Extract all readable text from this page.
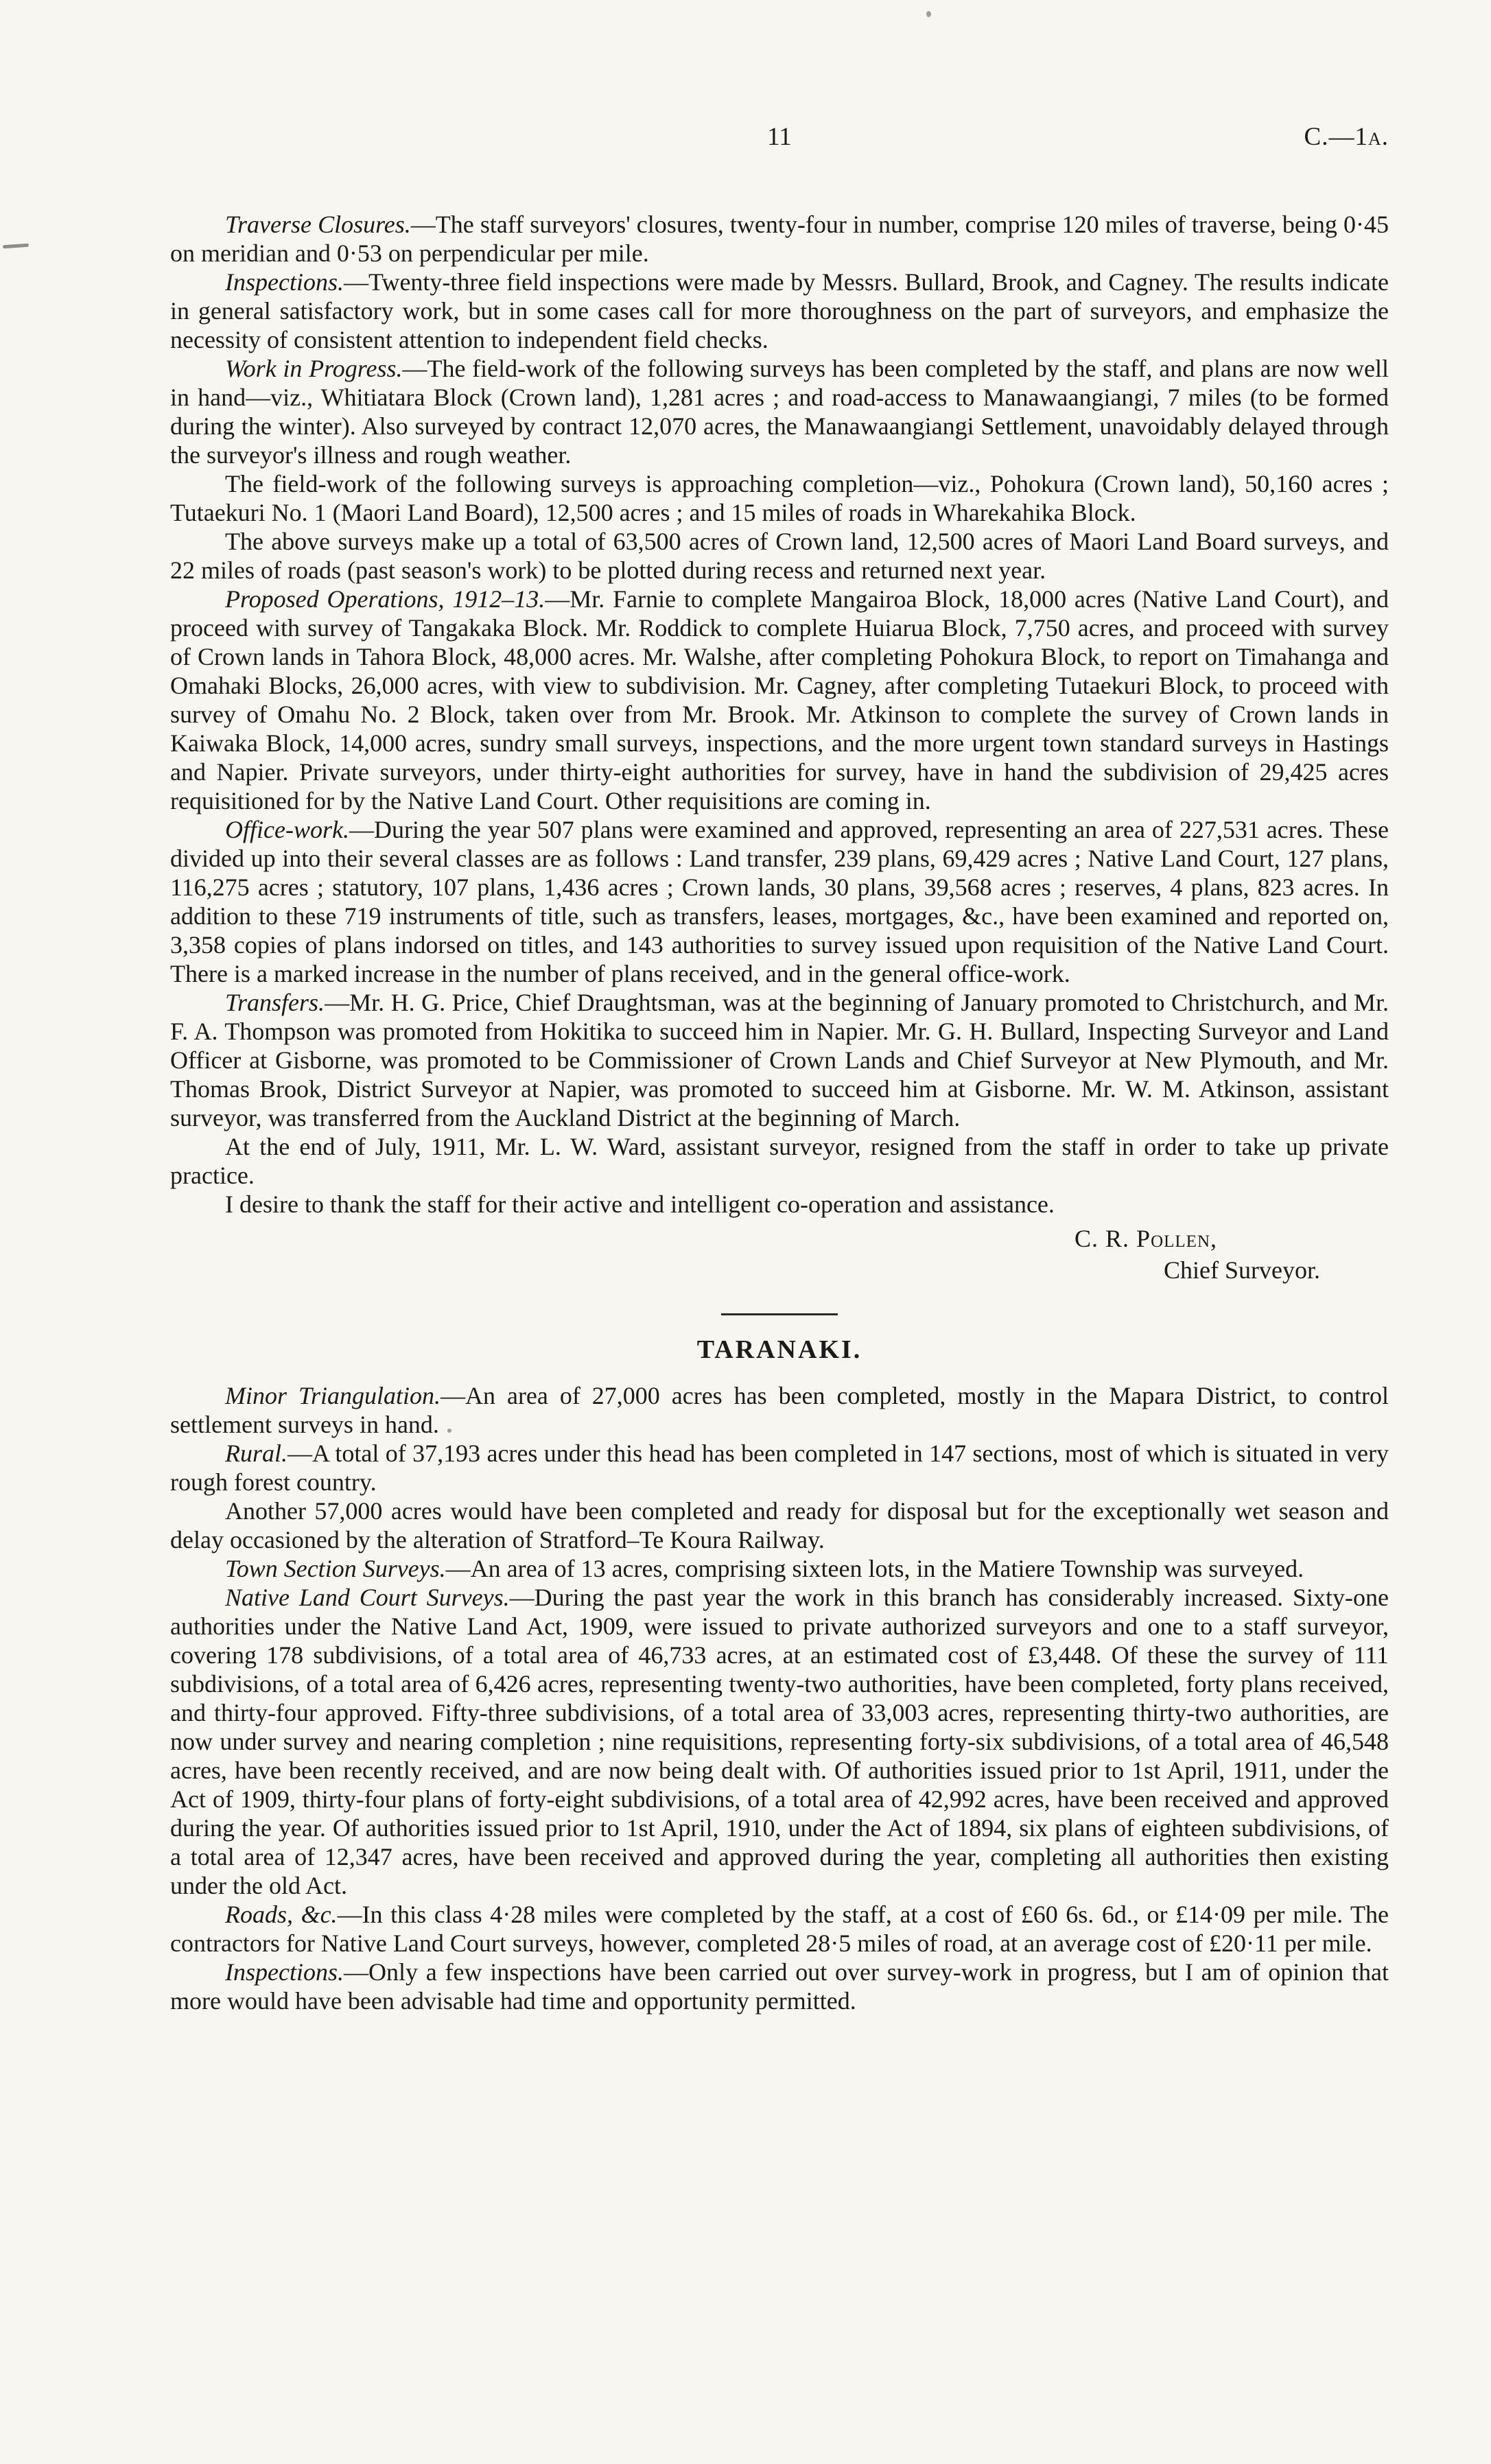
11	C.—1a.

Traverse Closures.—The staff surveyors' closures, twenty-four in number, comprise 120 miles of traverse, being 0·45 on meridian and 0·53 on perpendicular per mile.

Inspections.—Twenty-three field inspections were made by Messrs. Bullard, Brook, and Cagney. The results indicate in general satisfactory work, but in some cases call for more thoroughness on the part of surveyors, and emphasize the necessity of consistent attention to independent field checks.

Work in Progress.—The field-work of the following surveys has been completed by the staff, and plans are now well in hand—viz., Whitiatara Block (Crown land), 1,281 acres ; and road-access to Manawaangiangi, 7 miles (to be formed during the winter). Also surveyed by contract 12,070 acres, the Manawaangiangi Settlement, unavoidably delayed through the surveyor's illness and rough weather.

The field-work of the following surveys is approaching completion—viz., Pohokura (Crown land), 50,160 acres ; Tutaekuri No. 1 (Maori Land Board), 12,500 acres ; and 15 miles of roads in Wharekahika Block.

The above surveys make up a total of 63,500 acres of Crown land, 12,500 acres of Maori Land Board surveys, and 22 miles of roads (past season's work) to be plotted during recess and returned next year.

Proposed Operations, 1912–13.—Mr. Farnie to complete Mangairoa Block, 18,000 acres (Native Land Court), and proceed with survey of Tangakaka Block. Mr. Roddick to complete Huiarua Block, 7,750 acres, and proceed with survey of Crown lands in Tahora Block, 48,000 acres. Mr. Walshe, after completing Pohokura Block, to report on Timahanga and Omahaki Blocks, 26,000 acres, with view to subdivision. Mr. Cagney, after completing Tutaekuri Block, to proceed with survey of Omahu No. 2 Block, taken over from Mr. Brook. Mr. Atkinson to complete the survey of Crown lands in Kaiwaka Block, 14,000 acres, sundry small surveys, inspections, and the more urgent town standard surveys in Hastings and Napier. Private surveyors, under thirty-eight authorities for survey, have in hand the subdivision of 29,425 acres requisitioned for by the Native Land Court. Other requisitions are coming in.

Office-work.—During the year 507 plans were examined and approved, representing an area of 227,531 acres. These divided up into their several classes are as follows : Land transfer, 239 plans, 69,429 acres ; Native Land Court, 127 plans, 116,275 acres ; statutory, 107 plans, 1,436 acres ; Crown lands, 30 plans, 39,568 acres ; reserves, 4 plans, 823 acres. In addition to these 719 instruments of title, such as transfers, leases, mortgages, &c., have been examined and reported on, 3,358 copies of plans indorsed on titles, and 143 authorities to survey issued upon requisition of the Native Land Court. There is a marked increase in the number of plans received, and in the general office-work.

Transfers.—Mr. H. G. Price, Chief Draughtsman, was at the beginning of January promoted to Christchurch, and Mr. F. A. Thompson was promoted from Hokitika to succeed him in Napier. Mr. G. H. Bullard, Inspecting Surveyor and Land Officer at Gisborne, was promoted to be Commissioner of Crown Lands and Chief Surveyor at New Plymouth, and Mr. Thomas Brook, District Surveyor at Napier, was promoted to succeed him at Gisborne. Mr. W. M. Atkinson, assistant surveyor, was transferred from the Auckland District at the beginning of March.

At the end of July, 1911, Mr. L. W. Ward, assistant surveyor, resigned from the staff in order to take up private practice.

I desire to thank the staff for their active and intelligent co-operation and assistance.

C. R. Pollen,
Chief Surveyor.
TARANAKI.

Minor Triangulation.—An area of 27,000 acres has been completed, mostly in the Mapara District, to control settlement surveys in hand.

Rural.—A total of 37,193 acres under this head has been completed in 147 sections, most of which is situated in very rough forest country.

Another 57,000 acres would have been completed and ready for disposal but for the exceptionally wet season and delay occasioned by the alteration of Stratford–Te Koura Railway.

Town Section Surveys.—An area of 13 acres, comprising sixteen lots, in the Matiere Township was surveyed.

Native Land Court Surveys.—During the past year the work in this branch has considerably increased. Sixty-one authorities under the Native Land Act, 1909, were issued to private authorized surveyors and one to a staff surveyor, covering 178 subdivisions, of a total area of 46,733 acres, at an estimated cost of £3,448. Of these the survey of 111 subdivisions, of a total area of 6,426 acres, representing twenty-two authorities, have been completed, forty plans received, and thirty-four approved. Fifty-three subdivisions, of a total area of 33,003 acres, representing thirty-two authorities, are now under survey and nearing completion ; nine requisitions, representing forty-six subdivisions, of a total area of 46,548 acres, have been recently received, and are now being dealt with. Of authorities issued prior to 1st April, 1911, under the Act of 1909, thirty-four plans of forty-eight subdivisions, of a total area of 42,992 acres, have been received and approved during the year. Of authorities issued prior to 1st April, 1910, under the Act of 1894, six plans of eighteen subdivisions, of a total area of 12,347 acres, have been received and approved during the year, completing all authorities then existing under the old Act.

Roads, &c.—In this class 4·28 miles were completed by the staff, at a cost of £60 6s. 6d., or £14·09 per mile. The contractors for Native Land Court surveys, however, completed 28·5 miles of road, at an average cost of £20·11 per mile.

Inspections.—Only a few inspections have been carried out over survey-work in progress, but I am of opinion that more would have been advisable had time and opportunity permitted.
